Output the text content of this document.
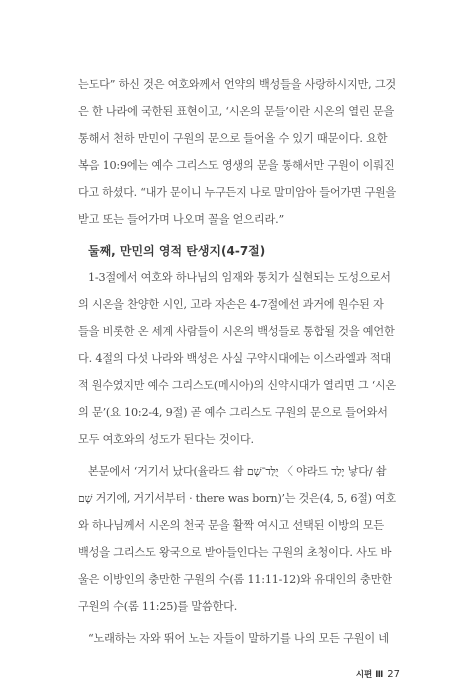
는도다” 하신 것은 여호와께서 언약의 백성들을 사랑하시지만, 그것
은 한 나라에 국한된 표현이고, ‘시온의 문들’이란 시온의 열린 문을
통해서 천하 만민이 구원의 문으로 들어올 수 있기 때문이다. 요한
복음 10:9에는 예수 그리스도 영생의 문을 통해서만 구원이 이뤄진
다고 하셨다. “내가 문이니 누구든지 나로 말미암아 들어가면 구원을
받고 또는 들어가며 나오며 꼴을 얻으리라.”
둘째, 만민의 영적 탄생지(4-7절)
1-3절에서 여호와 하나님의 임재와 통치가 실현되는 도성으로서
의 시온을 찬양한 시인, 고라 자손은 4-7절에선 과거에 원수된 자
들을 비롯한 온 세계 사람들이 시온의 백성들로 통합될 것을 예언한
다. 4절의 다섯 나라와 백성은 사실 구약시대에는 이스라엘과 적대
적 원수였지만 예수 그리스도(메시아)의 신약시대가 열리면 그 ‘시온
의 문’(요 10:2-4, 9절) 곧 예수 그리스도 구원의 문으로 들어와서
모두 여호와의 성도가 된다는 것이다.
본문에서 ‘거기서 났다(율라드 솸 יֻלַּד־שָׁם 〈 야라드 יָלַד 낳다/ 솸
שָׁם 거기에, 거기서부터 · there was born)’는 것은(4, 5, 6절) 여호
와 하나님께서 시온의 천국 문을 활짝 여시고 선택된 이방의 모든
백성을 그리스도 왕국으로 받아들인다는 구원의 초청이다. 사도 바
울은 이방인의 충만한 구원의 수(롬 11:11-12)와 유대인의 충만한
구원의 수(롬 11:25)를 말씀한다.
“노래하는 자와 뛰어 노는 자들이 말하기를 나의 모든 구원이 네
시편 Ⅲ 27
